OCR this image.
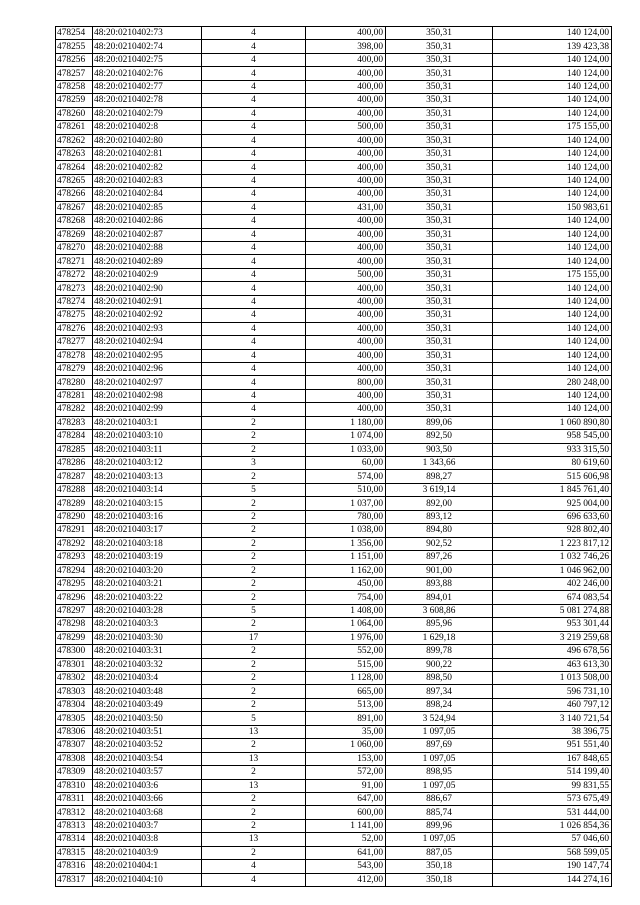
478254	48:20:0210402:73	4	400,00	350,31	140 124,00
478255	48:20:0210402:74	4	398,00	350,31	139 423,38
478256	48:20:0210402:75	4	400,00	350,31	140 124,00
478257	48:20:0210402:76	4	400,00	350,31	140 124,00
478258	48:20:0210402:77	4	400,00	350,31	140 124,00
478259	48:20:0210402:78	4	400,00	350,31	140 124,00
478260	48:20:0210402:79	4	400,00	350,31	140 124,00
478261	48:20:0210402:8	4	500,00	350,31	175 155,00
478262	48:20:0210402:80	4	400,00	350,31	140 124,00
478263	48:20:0210402:81	4	400,00	350,31	140 124,00
478264	48:20:0210402:82	4	400,00	350,31	140 124,00
478265	48:20:0210402:83	4	400,00	350,31	140 124,00
478266	48:20:0210402:84	4	400,00	350,31	140 124,00
478267	48:20:0210402:85	4	431,00	350,31	150 983,61
478268	48:20:0210402:86	4	400,00	350,31	140 124,00
478269	48:20:0210402:87	4	400,00	350,31	140 124,00
478270	48:20:0210402:88	4	400,00	350,31	140 124,00
478271	48:20:0210402:89	4	400,00	350,31	140 124,00
478272	48:20:0210402:9	4	500,00	350,31	175 155,00
478273	48:20:0210402:90	4	400,00	350,31	140 124,00
478274	48:20:0210402:91	4	400,00	350,31	140 124,00
478275	48:20:0210402:92	4	400,00	350,31	140 124,00
478276	48:20:0210402:93	4	400,00	350,31	140 124,00
478277	48:20:0210402:94	4	400,00	350,31	140 124,00
478278	48:20:0210402:95	4	400,00	350,31	140 124,00
478279	48:20:0210402:96	4	400,00	350,31	140 124,00
478280	48:20:0210402:97	4	800,00	350,31	280 248,00
478281	48:20:0210402:98	4	400,00	350,31	140 124,00
478282	48:20:0210402:99	4	400,00	350,31	140 124,00
478283	48:20:0210403:1	2	1 180,00	899,06	1 060 890,80
478284	48:20:0210403:10	2	1 074,00	892,50	958 545,00
478285	48:20:0210403:11	2	1 033,00	903,50	933 315,50
478286	48:20:0210403:12	3	60,00	1 343,66	80 619,60
478287	48:20:0210403:13	2	574,00	898,27	515 606,98
478288	48:20:0210403:14	5	510,00	3 619,14	1 845 761,40
478289	48:20:0210403:15	2	1 037,00	892,00	925 004,00
478290	48:20:0210403:16	2	780,00	893,12	696 633,60
478291	48:20:0210403:17	2	1 038,00	894,80	928 802,40
478292	48:20:0210403:18	2	1 356,00	902,52	1 223 817,12
478293	48:20:0210403:19	2	1 151,00	897,26	1 032 746,26
478294	48:20:0210403:20	2	1 162,00	901,00	1 046 962,00
478295	48:20:0210403:21	2	450,00	893,88	402 246,00
478296	48:20:0210403:22	2	754,00	894,01	674 083,54
478297	48:20:0210403:28	5	1 408,00	3 608,86	5 081 274,88
478298	48:20:0210403:3	2	1 064,00	895,96	953 301,44
478299	48:20:0210403:30	17	1 976,00	1 629,18	3 219 259,68
478300	48:20:0210403:31	2	552,00	899,78	496 678,56
478301	48:20:0210403:32	2	515,00	900,22	463 613,30
478302	48:20:0210403:4	2	1 128,00	898,50	1 013 508,00
478303	48:20:0210403:48	2	665,00	897,34	596 731,10
478304	48:20:0210403:49	2	513,00	898,24	460 797,12
478305	48:20:0210403:50	5	891,00	3 524,94	3 140 721,54
478306	48:20:0210403:51	13	35,00	1 097,05	38 396,75
478307	48:20:0210403:52	2	1 060,00	897,69	951 551,40
478308	48:20:0210403:54	13	153,00	1 097,05	167 848,65
478309	48:20:0210403:57	2	572,00	898,95	514 199,40
478310	48:20:0210403:6	13	91,00	1 097,05	99 831,55
478311	48:20:0210403:66	2	647,00	886,67	573 675,49
478312	48:20:0210403:68	2	600,00	885,74	531 444,00
478313	48:20:0210403:7	2	1 141,00	899,96	1 026 854,36
478314	48:20:0210403:8	13	52,00	1 097,05	57 046,60
478315	48:20:0210403:9	2	641,00	887,05	568 599,05
478316	48:20:0210404:1	4	543,00	350,18	190 147,74
478317	48:20:0210404:10	4	412,00	350,18	144 274,16
